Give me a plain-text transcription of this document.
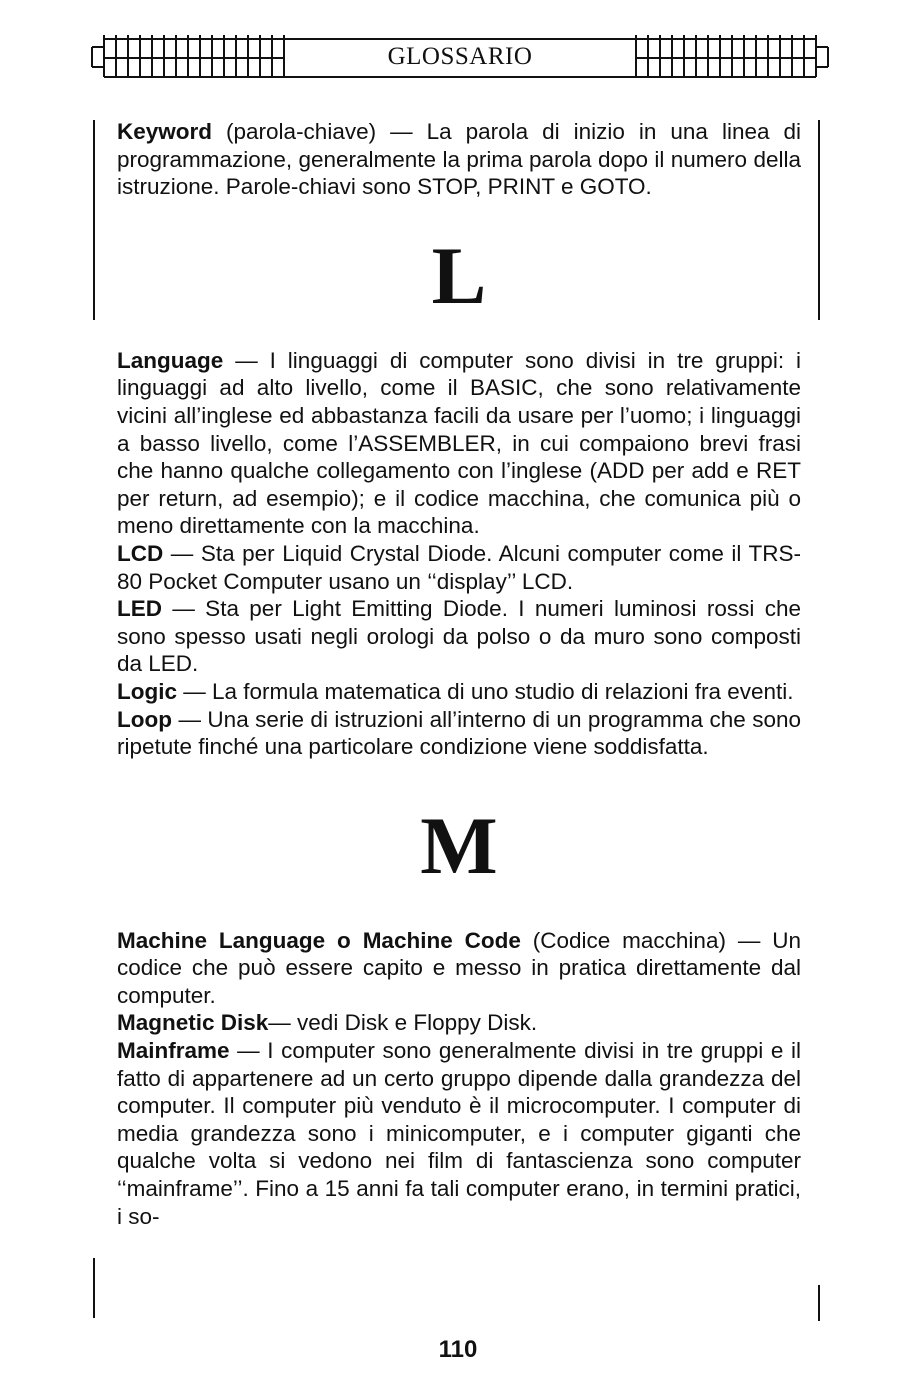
GLOSSARIO

Keyword (parola-chiave) — La parola di inizio in una linea di programmazione, generalmente la prima parola dopo il numero della istruzione. Parole-chiavi sono STOP, PRINT e GOTO.

L

Language — I linguaggi di computer sono divisi in tre gruppi: i linguaggi ad alto livello, come il BASIC, che sono relativamente vicini all’inglese ed abbastanza facili da usare per l’uomo; i linguaggi a basso livello, come l’ASSEMBLER, in cui compaiono brevi frasi che hanno qualche collegamento con l’inglese (ADD per add e RET per return, ad esempio); e il codice macchina, che comunica più o meno direttamente con la macchina.

LCD — Sta per Liquid Crystal Diode. Alcuni computer come il TRS-80 Pocket Computer usano un ‘‘display’’ LCD.

LED — Sta per Light Emitting Diode. I numeri luminosi rossi che sono spesso usati negli orologi da polso o da muro sono composti da LED.

Logic — La formula matematica di uno studio di relazioni fra eventi.

Loop — Una serie di istruzioni all’interno di un programma che sono ripetute finché una particolare condizione viene soddisfatta.

M

Machine Language o Machine Code (Codice macchina) — Un codice che può essere capito e messo in pratica direttamente dal computer.

Magnetic Disk— vedi Disk e Floppy Disk.

Mainframe — I computer sono generalmente divisi in tre gruppi e il fatto di appartenere ad un certo gruppo dipende dalla grandezza del computer. Il computer più venduto è il microcomputer. I computer di media grandezza sono i minicomputer, e i computer giganti che qualche volta si vedono nei film di fantascienza sono computer ‘‘mainframe’’. Fino a 15 anni fa tali computer erano, in termini pratici, i so-

110
